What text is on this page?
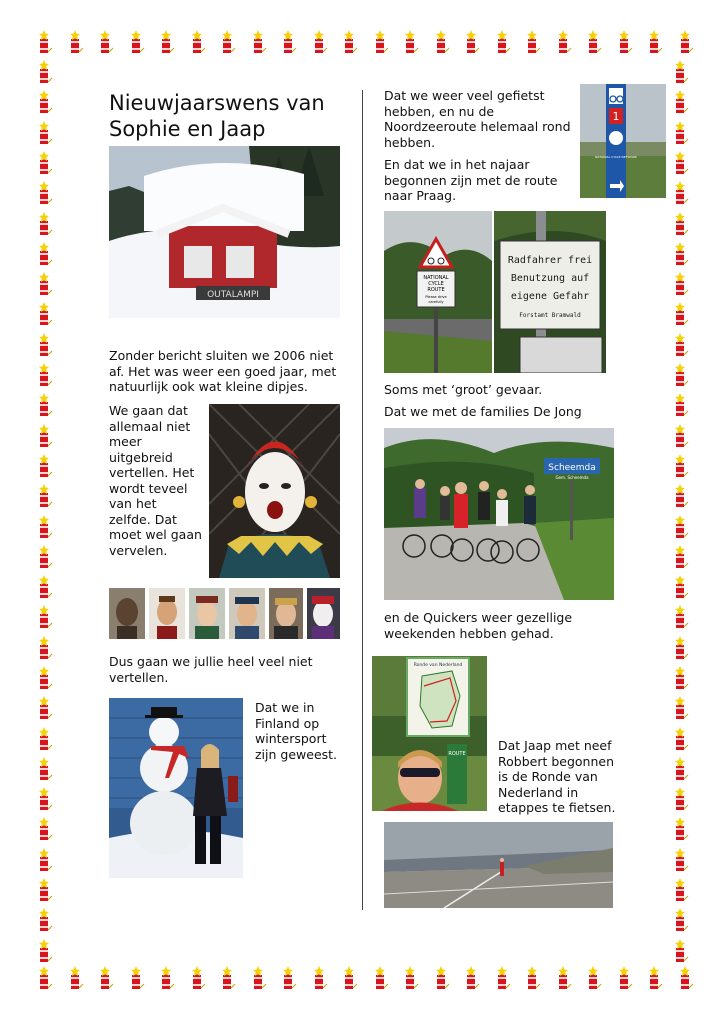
Nieuwjaarswens van
Sophie en Jaap
OUTALAMPI
Zonder bericht sluiten we 2006 niet
af. Het was weer een goed jaar, met
natuurlijk ook wat kleine dipjes.
We gaan dat
allemaal niet
meer
uitgebreid
vertellen. Het
wordt teveel
van het
zelfde. Dat
moet wel gaan
vervelen.
Dus gaan we jullie heel veel niet
vertellen.
Dat we in
Finland op
wintersport
zijn geweest.
Dat we weer veel gefietst
hebben, en nu de
Noordzeeroute helemaal rond
hebben.
1
NATIONAL CYCLE NETWORK
En dat we in het najaar
begonnen zijn met de route
naar Praag.
NATIONAL
CYCLE
ROUTE
Please drive
carefully
Radfahrer frei
Benutzung auf
eigene Gefahr
Forstamt Bramwald
Soms met ‘groot’ gevaar.
Dat we met de families De Jong
Scheemda
Gem. Scheemda
en de Quickers weer gezellige
weekenden hebben gehad.
Ronde van Nederland
ROUTE
Dat Jaap met neef
Robbert begonnen
is de Ronde van
Nederland in
etappes te fietsen.
